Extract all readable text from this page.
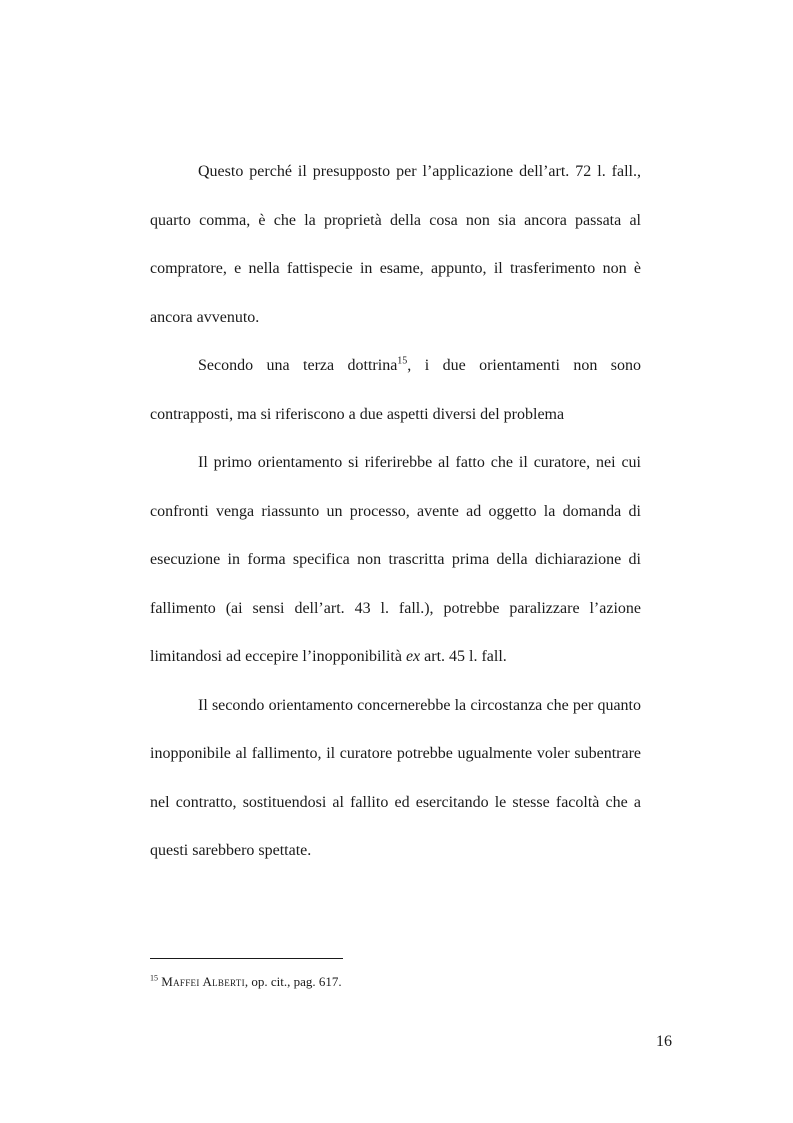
Questo perché il presupposto per l’applicazione dell’art. 72 l. fall., quarto comma, è che la proprietà della cosa non sia ancora passata al compratore, e nella fattispecie in esame, appunto, il trasferimento non è ancora avvenuto.

Secondo una terza dottrina$^{15}$, i due orientamenti non sono contrapposti, ma si riferiscono a due aspetti diversi del problema

Il primo orientamento si riferirebbe al fatto che il curatore, nei cui confronti venga riassunto un processo, avente ad oggetto la domanda di esecuzione in forma specifica non trascritta prima della dichiarazione di fallimento (ai sensi dell’art. 43 l. fall.), potrebbe paralizzare l’azione limitandosi ad eccepire l’inopponibilità ex art. 45 l. fall.

Il secondo orientamento concernerebbe la circostanza che per quanto inopponibile al fallimento, il curatore potrebbe ugualmente voler subentrare nel contratto, sostituendosi al fallito ed esercitando le stesse facoltà che a questi sarebbero spettate.

$^{15}$ Maffei Alberti, op. cit., pag. 617.

16
